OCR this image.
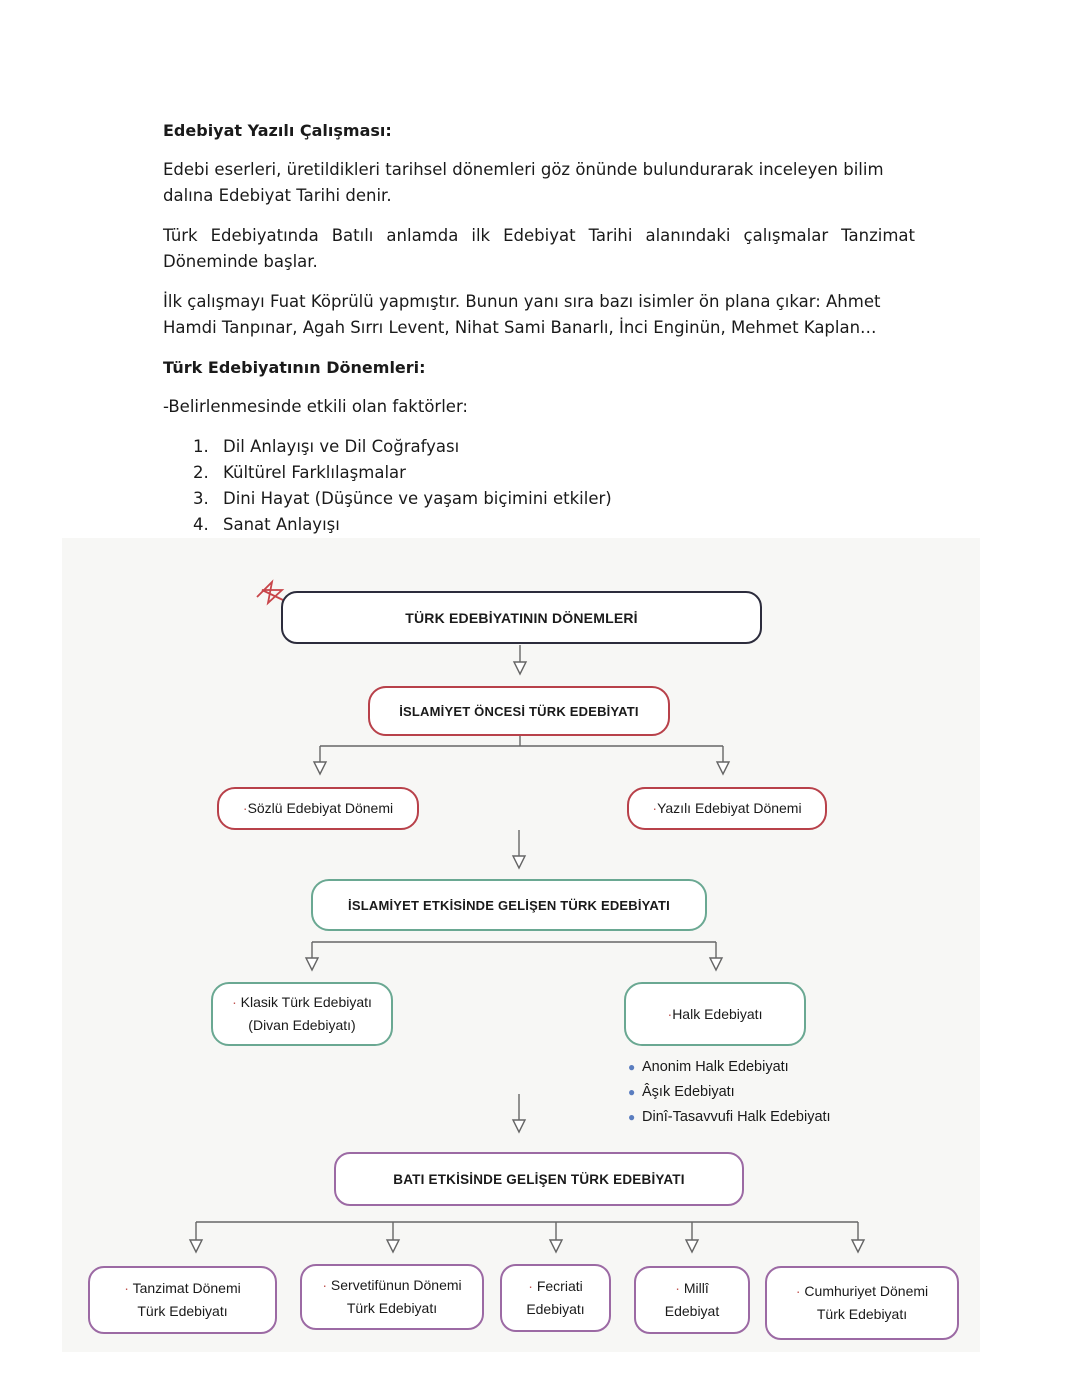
Edebiyat Yazılı Çalışması:

Edebi eserleri, üretildikleri tarihsel dönemleri göz önünde bulundurarak inceleyen bilim dalına Edebiyat Tarihi denir.

Türk Edebiyatında Batılı anlamda ilk Edebiyat Tarihi alanındaki çalışmalar Tanzimat Döneminde başlar.

İlk çalışmayı Fuat Köprülü yapmıştır. Bunun yanı sıra bazı isimler ön plana çıkar: Ahmet Hamdi Tanpınar, Agah Sırrı Levent, Nihat Sami Banarlı, İnci Enginün, Mehmet Kaplan…

Türk Edebiyatının Dönemleri:

-Belirlenmesinde etkili olan faktörler:

1. Dil Anlayışı ve Dil Coğrafyası
2. Kültürel Farklılaşmalar
3. Dini Hayat (Düşünce ve yaşam biçimini etkiler)
4. Sanat Anlayışı
TÜRK EDEBİYATININ DÖNEMLERİ
İSLAMİYET ÖNCESİ TÜRK EDEBİYATI
· Sözlü Edebiyat Dönemi	· Yazılı Edebiyat Dönemi
İSLAMİYET ETKİSİNDE GELİŞEN TÜRK EDEBİYATI
· Klasik Türk Edebiyatı
(Divan Edebiyatı)
· Halk Edebiyatı
● Anonim Halk Edebiyatı
● Âşık Edebiyatı
● Dinî-Tasavvufi Halk Edebiyatı
BATI ETKİSİNDE GELİŞEN TÜRK EDEBİYATI
· Tanzimat Dönemi
Türk Edebiyatı
· Servetifünun Dönemi
Türk Edebiyatı
· Fecriati
Edebiyatı
· Millî
Edebiyat
· Cumhuriyet Dönemi
Türk Edebiyatı
